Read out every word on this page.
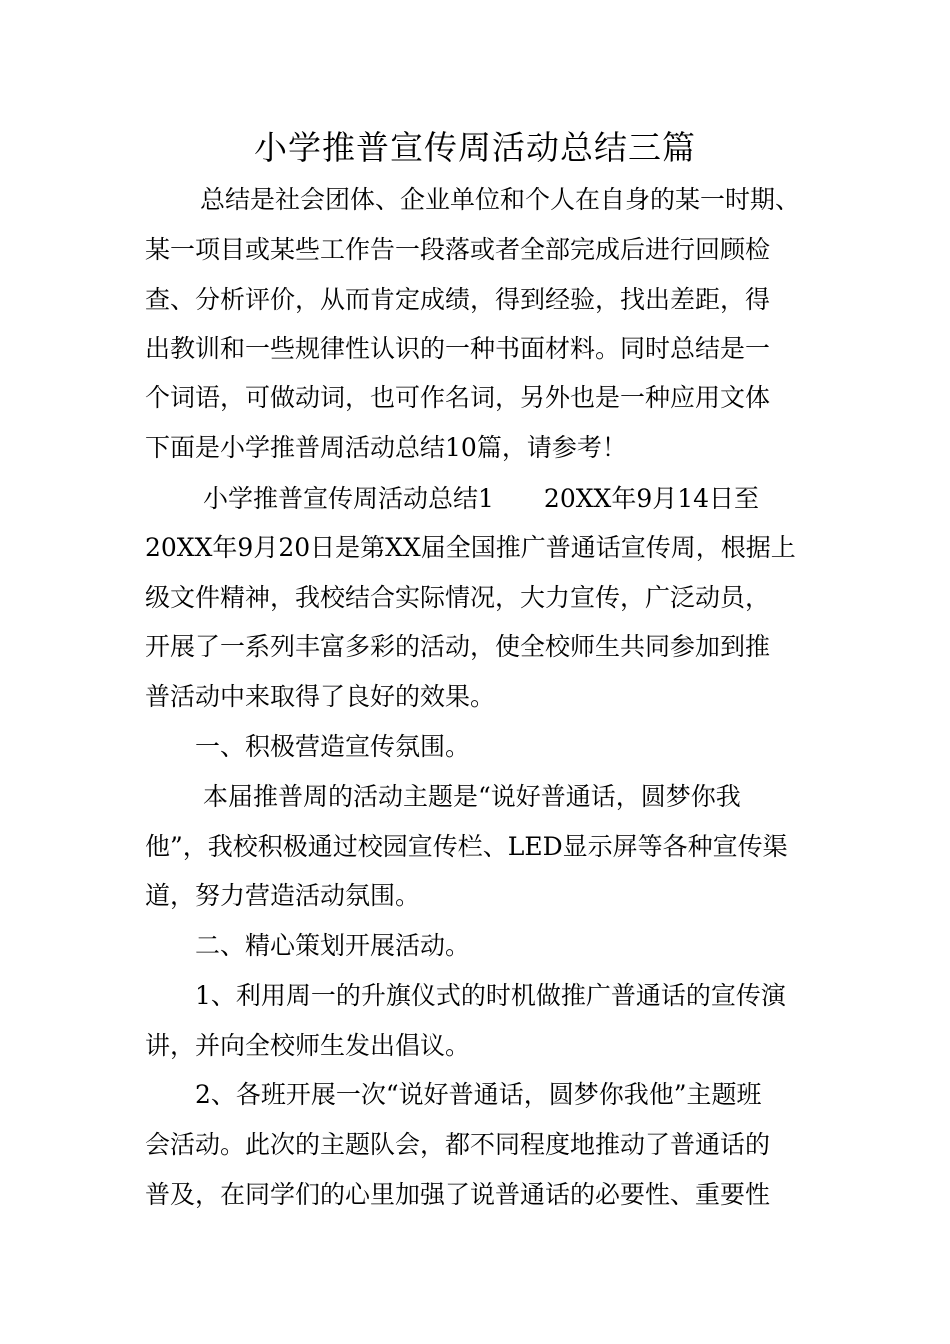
小学推普宣传周活动总结三篇
总结是社会团体、企业单位和个人在自身的某一时期、
某一项目或某些工作告一段落或者全部完成后进行回顾检
查、分析评价，从而肯定成绩，得到经验，找出差距，得
出教训和一些规律性认识的一种书面材料。同时总结是一
个词语，可做动词，也可作名词，另外也是一种应用文体
下面是小学推普周活动总结10篇，请参考！
小学推普宣传周活动总结1　　20XX年9月14日至
20XX年9月20日是第XX届全国推广普通话宣传周，根据上
级文件精神，我校结合实际情况，大力宣传，广泛动员，
开展了一系列丰富多彩的活动，使全校师生共同参加到推
普活动中来取得了良好的效果。
一、积极营造宣传氛围。
本届推普周的活动主题是“说好普通话，圆梦你我
他”，我校积极通过校园宣传栏、LED显示屏等各种宣传渠
道，努力营造活动氛围。
二、精心策划开展活动。
1、利用周一的升旗仪式的时机做推广普通话的宣传演
讲，并向全校师生发出倡议。
2、各班开展一次“说好普通话，圆梦你我他”主题班
会活动。此次的主题队会，都不同程度地推动了普通话的
普及，在同学们的心里加强了说普通话的必要性、重要性
